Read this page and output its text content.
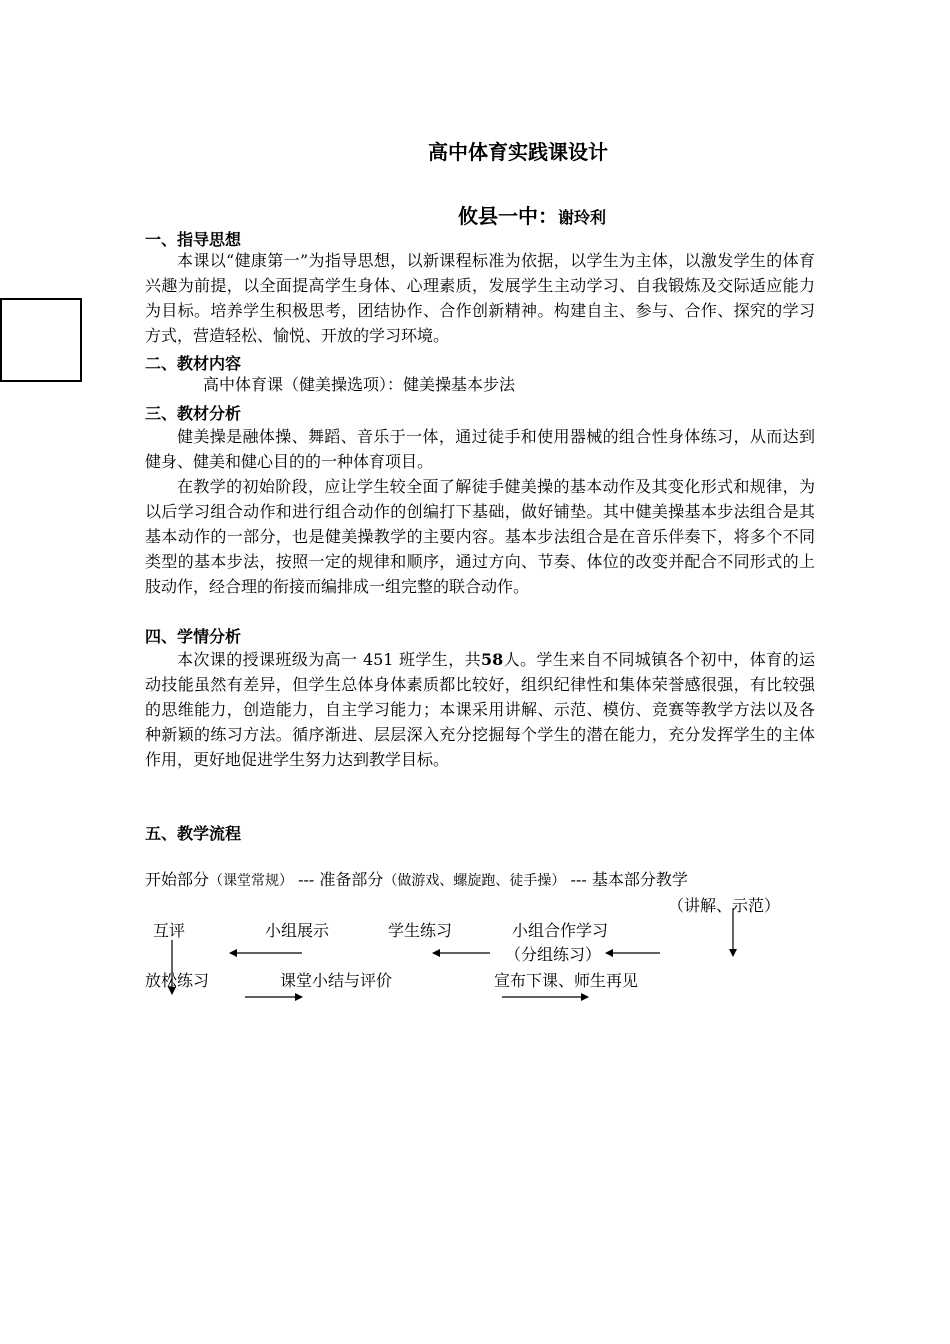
高中体育实践课设计
攸县一中：谢玲利
一、指导思想

本课以“健康第一”为指导思想，以新课程标准为依据，以学生为主体，以激发学生的体育兴趣为前提，以全面提高学生身体、心理素质，发展学生主动学习、自我锻炼及交际适应能力为目标。培养学生积极思考，团结协作、合作创新精神。构建自主、参与、合作、探究的学习方式，营造轻松、愉悦、开放的学习环境。

二、教材内容
高中体育课（健美操选项）：健美操基本步法
三、教材分析

健美操是融体操、舞蹈、音乐于一体，通过徒手和使用器械的组合性身体练习，从而达到健身、健美和健心目的的一种体育项目。

在教学的初始阶段，应让学生较全面了解徒手健美操的基本动作及其变化形式和规律，为以后学习组合动作和进行组合动作的创编打下基础，做好铺垫。其中健美操基本步法组合是其基本动作的一部分，也是健美操教学的主要内容。基本步法组合是在音乐伴奏下，将多个不同类型的基本步法，按照一定的规律和顺序，通过方向、节奏、体位的改变并配合不同形式的上肢动作，经合理的衔接而编排成一组完整的联合动作。

四、学情分析

本次课的授课班级为高一 451 班学生，共58人。学生来自不同城镇各个初中，体育的运动技能虽然有差异，但学生总体身体素质都比较好，组织纪律性和集体荣誉感很强，有比较强的思维能力，创造能力，自主学习能力；本课采用讲解、示范、模仿、竞赛等教学方法以及各种新颖的练习方法。循序渐进、层层深入充分挖掘每个学生的潜在能力，充分发挥学生的主体作用，更好地促进学生努力达到教学目标。

五、教学流程
开始部分（课堂常规） --- 准备部分（做游戏、螺旋跑、徒手操） --- 基本部分教学
（讲解、示范）
互评	小组展示	学生练习	小组合作学习
（分组练习）
放松练习	课堂小结与评价	宣布下课、师生再见
